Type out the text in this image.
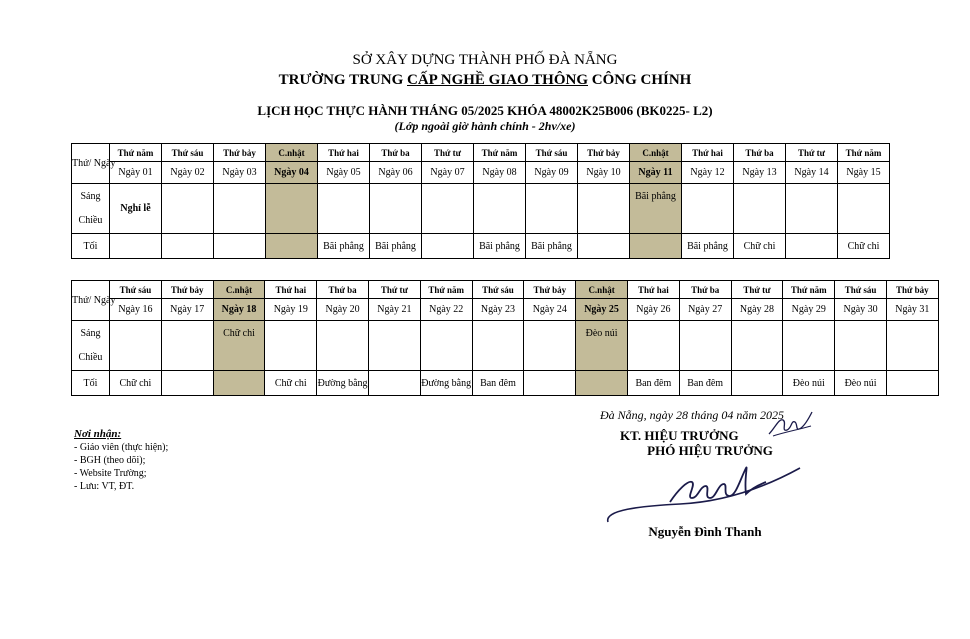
SỞ XÂY DỰNG THÀNH PHỐ ĐÀ NẴNG
TRƯỜNG TRUNG CẤP NGHỀ GIAO THÔNG CÔNG CHÍNH
LỊCH HỌC THỰC HÀNH THÁNG 05/2025 KHÓA 48002K25B006 (BK0225- L2)
(Lớp ngoài giờ hành chính - 2hv/xe)
Thứ/ Ngày	Thứ năm	Thứ sáu	Thứ bảy	C.nhật	Thứ hai	Thứ ba	Thứ tư	Thứ năm	Thứ sáu	Thứ bảy	C.nhật	Thứ hai	Thứ ba	Thứ tư	Thứ năm
	Ngày 01	Ngày 02	Ngày 03	Ngày 04	Ngày 05	Ngày 06	Ngày 07	Ngày 08	Ngày 09	Ngày 10	Ngày 11	Ngày 12	Ngày 13	Ngày 14	Ngày 15
Sáng	Nghỉ lễ										Bãi phẳng				
Chiều															
Tối					Bãi phẳng	Bãi phẳng		Bãi phẳng	Bãi phẳng			Bãi phẳng	Chữ chi		Chữ chi
Thứ/ Ngày	Thứ sáu	Thứ bảy	C.nhật	Thứ hai	Thứ ba	Thứ tư	Thứ năm	Thứ sáu	Thứ bảy	C.nhật	Thứ hai	Thứ ba	Thứ tư	Thứ năm	Thứ sáu	Thứ bảy
	Ngày 16	Ngày 17	Ngày 18	Ngày 19	Ngày 20	Ngày 21	Ngày 22	Ngày 23	Ngày 24	Ngày 25	Ngày 26	Ngày 27	Ngày 28	Ngày 29	Ngày 30	Ngày 31
Sáng			Chữ chi							Đèo núi						
Chiều																
Tối	Chữ chi			Chữ chi	Đường bằng		Đường bằng	Ban đêm			Ban đêm	Ban đêm		Đèo núi	Đèo núi	
Đà Nẵng, ngày 28 tháng 04 năm 2025
KT. HIỆU TRƯỞNG
PHÓ HIỆU TRƯỞNG
Nguyễn Đình Thanh
Nơi nhận:
- Giáo viên (thực hiện);
- BGH (theo dõi);
- Website Trường;
- Lưu: VT, ĐT.
